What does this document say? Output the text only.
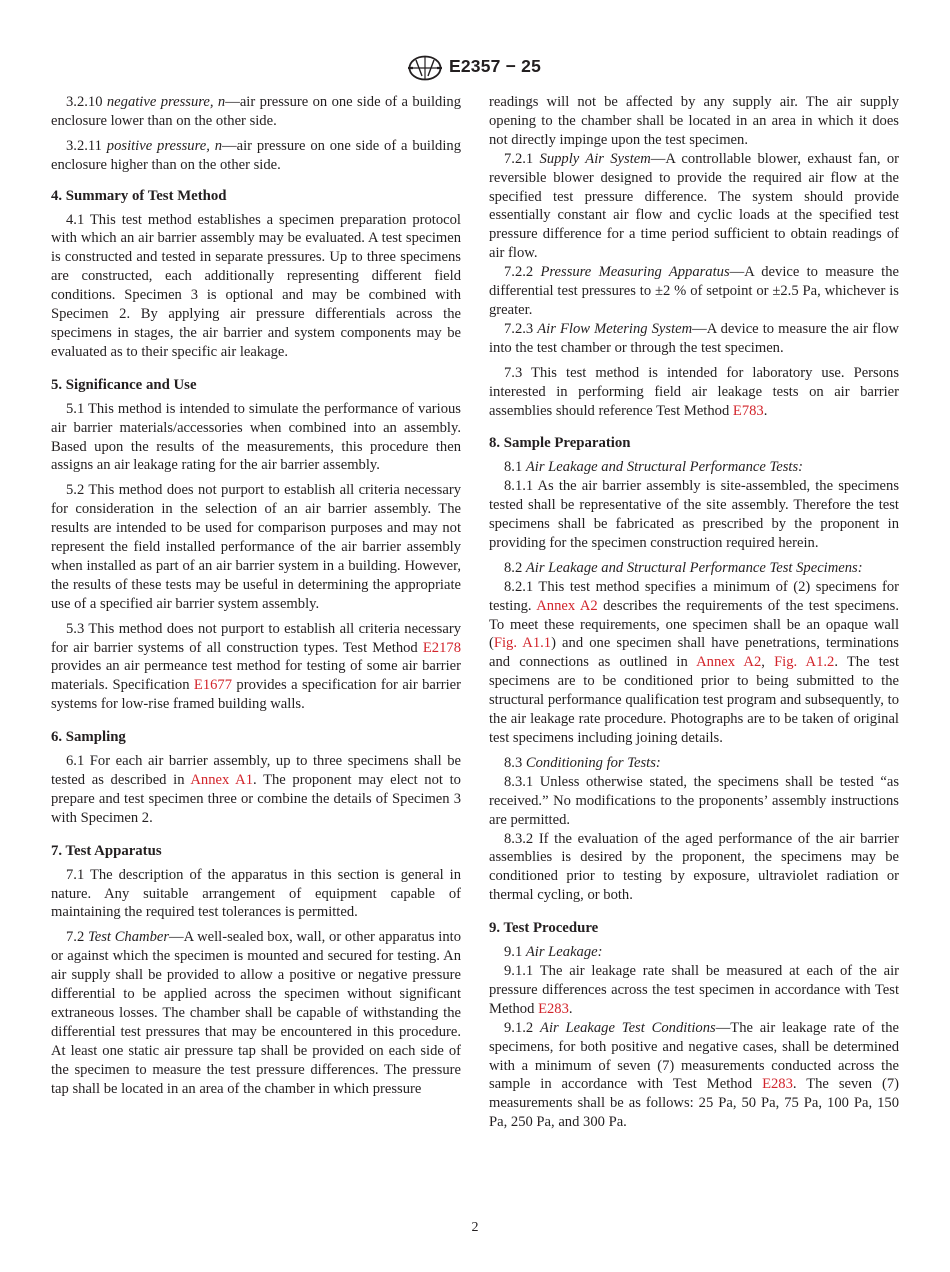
E2357 − 25

3.2.10 negative pressure, n—air pressure on one side of a building enclosure lower than on the other side.

3.2.11 positive pressure, n—air pressure on one side of a building enclosure higher than on the other side.

4. Summary of Test Method

4.1 This test method establishes a specimen preparation protocol with which an air barrier assembly may be evaluated. A test specimen is constructed and tested in separate pressures. Up to three specimens are constructed, each additionally representing different field conditions. Specimen 3 is optional and may be combined with Specimen 2. By applying air pressure differentials across the specimens in stages, the air barrier and system components may be evaluated as to their specific air leakage.

5. Significance and Use

5.1 This method is intended to simulate the performance of various air barrier materials/accessories when combined into an assembly. Based upon the results of the measurements, this procedure then assigns an air leakage rating for the air barrier assembly.

5.2 This method does not purport to establish all criteria necessary for consideration in the selection of an air barrier assembly. The results are intended to be used for comparison purposes and may not represent the field installed performance of the air barrier assembly when installed as part of an air barrier system in a building. However, the results of these tests may be useful in determining the appropriate use of a specified air barrier system assembly.

5.3 This method does not purport to establish all criteria necessary for air barrier systems of all construction types. Test Method E2178 provides an air permeance test method for testing of some air barrier materials. Specification E1677 provides a specification for air barrier systems for low-rise framed building walls.

6. Sampling

6.1 For each air barrier assembly, up to three specimens shall be tested as described in Annex A1. The proponent may elect not to prepare and test specimen three or combine the details of Specimen 3 with Specimen 2.

7. Test Apparatus

7.1 The description of the apparatus in this section is general in nature. Any suitable arrangement of equipment capable of maintaining the required test tolerances is permitted.

7.2 Test Chamber—A well-sealed box, wall, or other apparatus into or against which the specimen is mounted and secured for testing. An air supply shall be provided to allow a positive or negative pressure differential to be applied across the specimen without significant extraneous losses. The chamber shall be capable of withstanding the differential test pressures that may be encountered in this procedure. At least one static air pressure tap shall be provided on each side of the specimen to measure the test pressure differences. The pressure tap shall be located in an area of the chamber in which pressure

readings will not be affected by any supply air. The air supply opening to the chamber shall be located in an area in which it does not directly impinge upon the test specimen.

7.2.1 Supply Air System—A controllable blower, exhaust fan, or reversible blower designed to provide the required air flow at the specified test pressure difference. The system should provide essentially constant air flow and cyclic loads at the specified test pressure difference for a time period sufficient to obtain readings of air flow.

7.2.2 Pressure Measuring Apparatus—A device to measure the differential test pressures to ±2 % of setpoint or ±2.5 Pa, whichever is greater.

7.2.3 Air Flow Metering System—A device to measure the air flow into the test chamber or through the test specimen.

7.3 This test method is intended for laboratory use. Persons interested in performing field air leakage tests on air barrier assemblies should reference Test Method E783.

8. Sample Preparation

8.1 Air Leakage and Structural Performance Tests:

8.1.1 As the air barrier assembly is site-assembled, the specimens tested shall be representative of the site assembly. Therefore the test specimens shall be fabricated as prescribed by the proponent in providing for the specimen construction required herein.

8.2 Air Leakage and Structural Performance Test Specimens:

8.2.1 This test method specifies a minimum of (2) specimens for testing. Annex A2 describes the requirements of the test specimens. To meet these requirements, one specimen shall be an opaque wall (Fig. A1.1) and one specimen shall have penetrations, terminations and connections as outlined in Annex A2, Fig. A1.2. The test specimens are to be conditioned prior to being submitted to the structural performance qualification test program and subsequently, to the air leakage rate procedure. Photographs are to be taken of original test specimens including joining details.

8.3 Conditioning for Tests:

8.3.1 Unless otherwise stated, the specimens shall be tested “as received.” No modifications to the proponents’ assembly instructions are permitted.

8.3.2 If the evaluation of the aged performance of the air barrier assemblies is desired by the proponent, the specimens may be conditioned prior to testing by exposure, ultraviolet radiation or thermal cycling, or both.

9. Test Procedure

9.1 Air Leakage:

9.1.1 The air leakage rate shall be measured at each of the air pressure differences across the test specimen in accordance with Test Method E283.

9.1.2 Air Leakage Test Conditions—The air leakage rate of the specimens, for both positive and negative cases, shall be determined with a minimum of seven (7) measurements conducted across the sample in accordance with Test Method E283. The seven (7) measurements shall be as follows: 25 Pa, 50 Pa, 75 Pa, 100 Pa, 150 Pa, 250 Pa, and 300 Pa.

2
